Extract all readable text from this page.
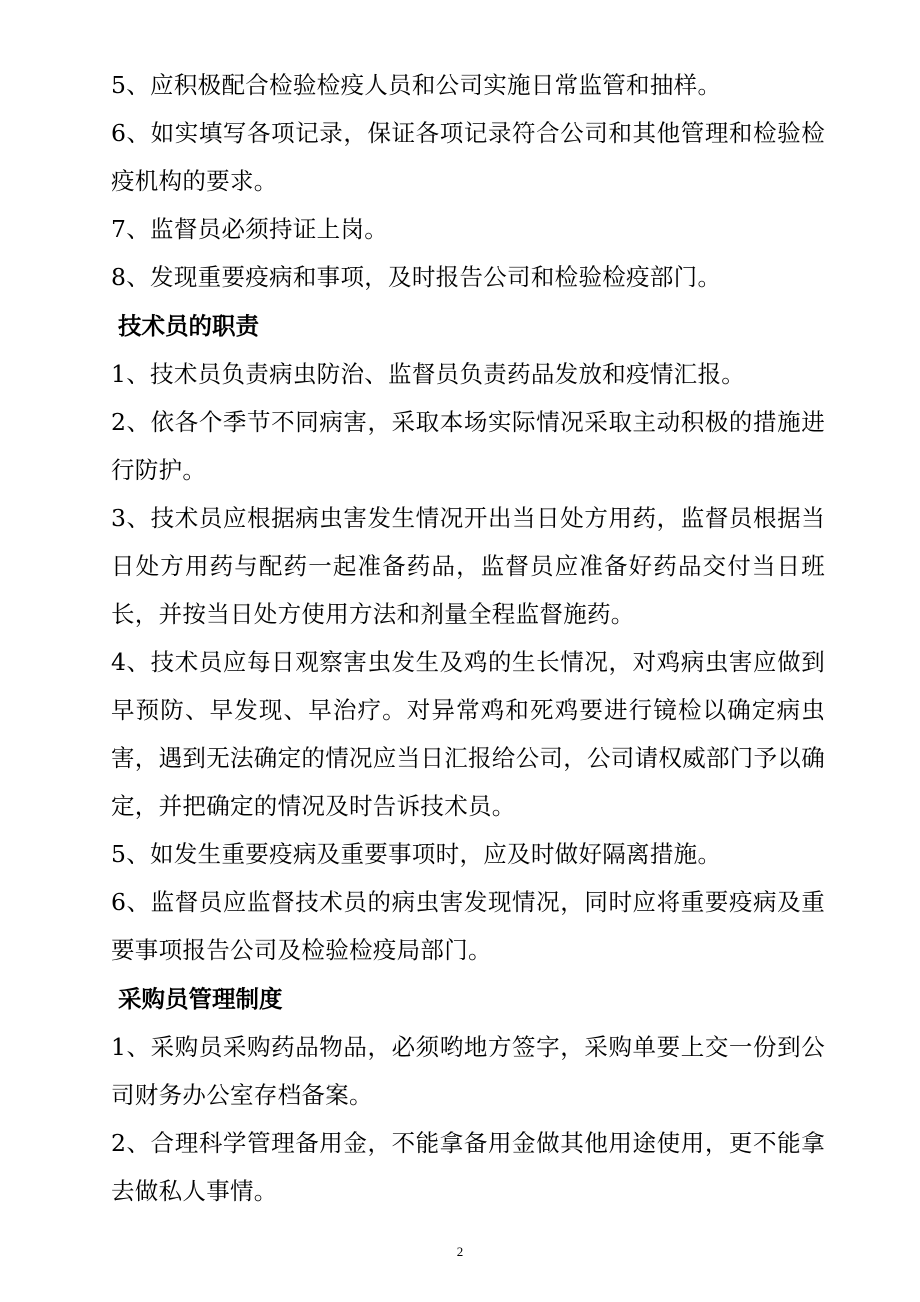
5、应积极配合检验检疫人员和公司实施日常监管和抽样。

6、如实填写各项记录，保证各项记录符合公司和其他管理和检验检疫机构的要求。

7、监督员必须持证上岗。

8、发现重要疫病和事项，及时报告公司和检验检疫部门。

技术员的职责

1、技术员负责病虫防治、监督员负责药品发放和疫情汇报。

2、依各个季节不同病害，采取本场实际情况采取主动积极的措施进行防护。

3、技术员应根据病虫害发生情况开出当日处方用药，监督员根据当日处方用药与配药一起准备药品，监督员应准备好药品交付当日班长，并按当日处方使用方法和剂量全程监督施药。

4、技术员应每日观察害虫发生及鸡的生长情况，对鸡病虫害应做到早预防、早发现、早治疗。对异常鸡和死鸡要进行镜检以确定病虫害，遇到无法确定的情况应当日汇报给公司，公司请权威部门予以确定，并把确定的情况及时告诉技术员。

5、如发生重要疫病及重要事项时，应及时做好隔离措施。

6、监督员应监督技术员的病虫害发现情况，同时应将重要疫病及重要事项报告公司及检验检疫局部门。

采购员管理制度

1、采购员采购药品物品，必须哟地方签字，采购单要上交一份到公司财务办公室存档备案。

2、合理科学管理备用金，不能拿备用金做其他用途使用，更不能拿去做私人事情。

2
